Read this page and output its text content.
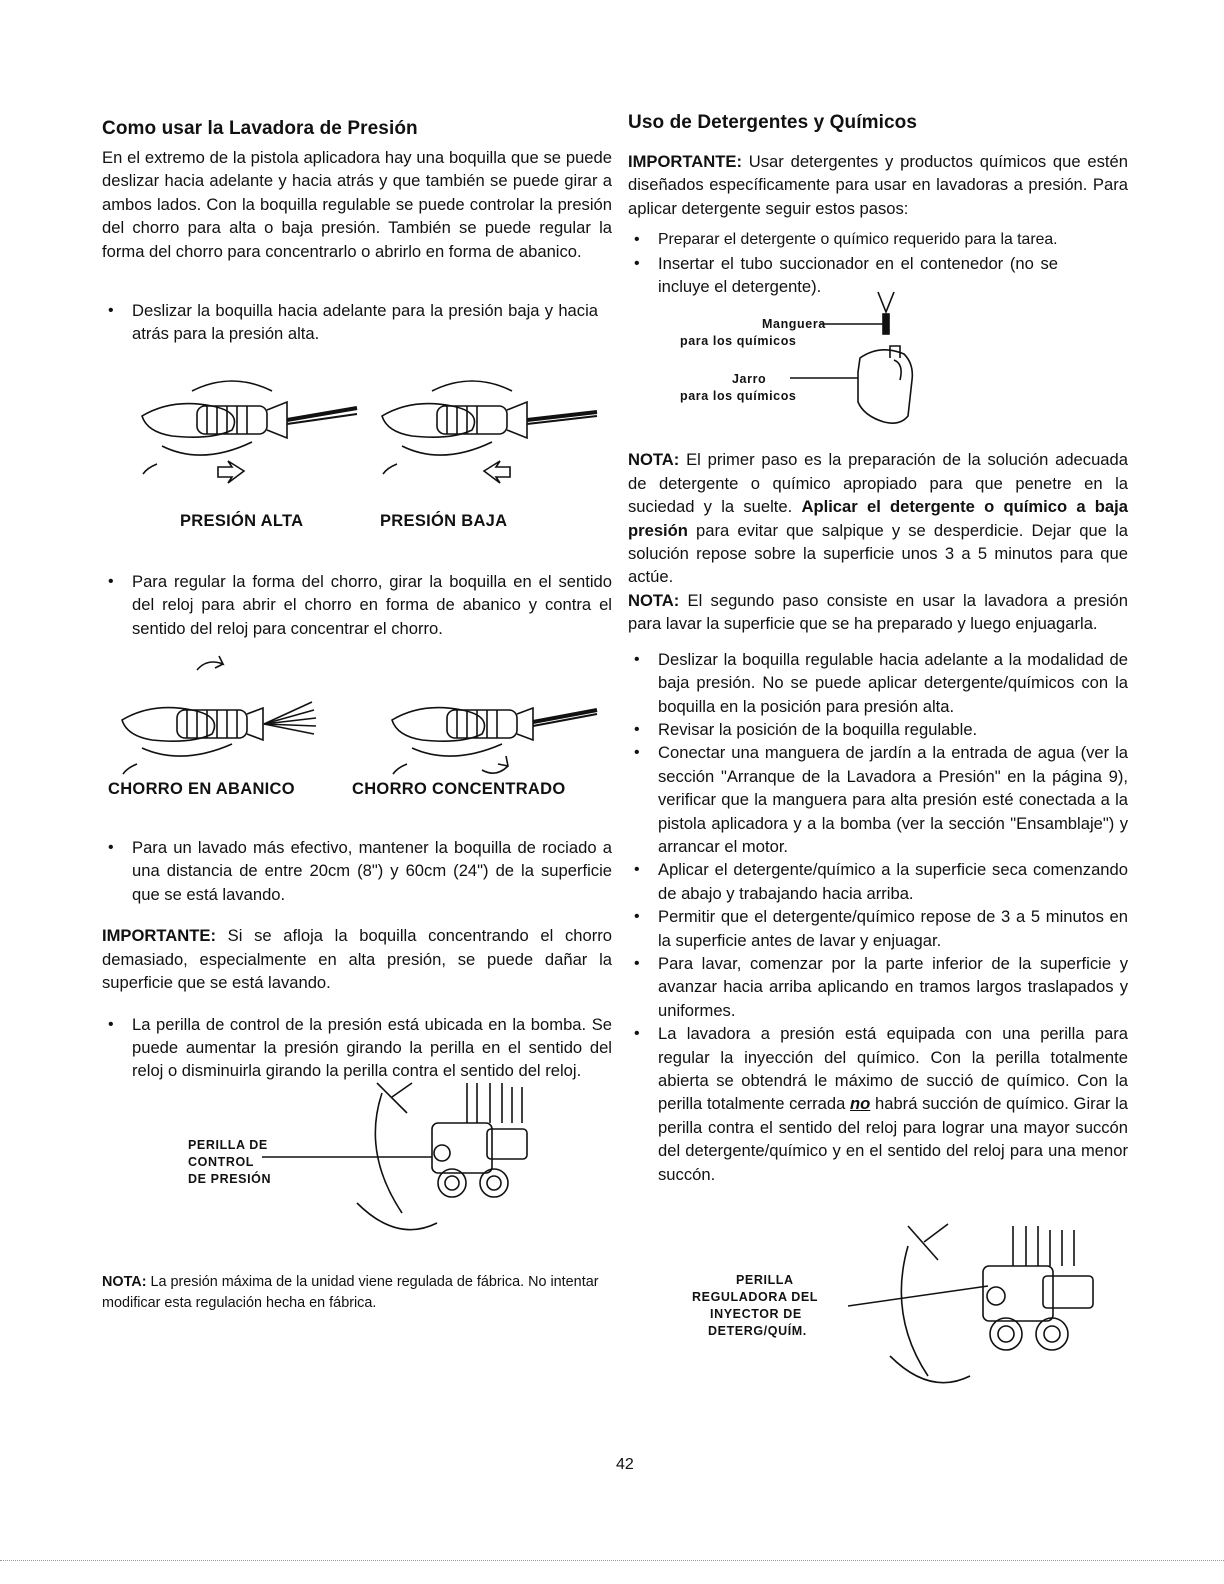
Como usar la Lavadora de Presión

En el extremo de la pistola aplicadora hay una boquilla que se puede deslizar hacia adelante y hacia atrás y que también se puede girar a ambos lados. Con la boquilla regulable se puede controlar la presión del chorro para alta o baja presión. También se puede regular la forma del chorro para concentrarlo o abrirlo en forma de abanico.

• Deslizar la boquilla hacia adelante para la presión baja y hacia atrás para la presión alta.
PRESIÓN ALTA	PRESIÓN BAJA
• Para regular la forma del chorro, girar la boquilla en el sentido del reloj para abrir el chorro en forma de abanico y contra el sentido del reloj para concentrar el chorro.
CHORRO EN ABANICO	CHORRO CONCENTRADO
• Para un lavado más efectivo, mantener la boquilla de rociado a una distancia de entre 20cm (8") y 60cm (24") de la superficie que se está lavando.

IMPORTANTE: Si se afloja la boquilla concentrando el chorro demasiado, especialmente en alta presión, se puede dañar la superficie que se está lavando.

• La perilla de control de la presión está ubicada en la bomba. Se puede aumentar la presión girando la perilla en el sentido del reloj o disminuirla girando la perilla contra el sentido del reloj.
PERILLA DE
CONTROL
DE PRESIÓN

NOTA: La presión máxima de la unidad viene regulada de fábrica. No intentar modificar esta regulación hecha en fábrica.

Uso de Detergentes y Químicos

IMPORTANTE: Usar detergentes y productos químicos que estén diseñados específicamente para usar en lavadoras a presión. Para aplicar detergente seguir estos pasos:

• Preparar el detergente o químico requerido para la tarea.
• Insertar el tubo succionador en el contenedor (no se incluye el detergente).
Manguera
para los químicos
Jarro
para los químicos

NOTA: El primer paso es la preparación de la solución adecuada de detergente o químico apropiado para que penetre en la suciedad y la suelte. Aplicar el detergente o químico a baja presión para evitar que salpique y se desperdicie. Dejar que la solución repose sobre la superficie unos 3 a 5 minutos para que actúe.

NOTA: El segundo paso consiste en usar la lavadora a presión para lavar la superficie que se ha preparado y luego enjuagarla.

• Deslizar la boquilla regulable hacia adelante a la modalidad de baja presión. No se puede aplicar detergente/químicos con la boquilla en la posición para presión alta.
• Revisar la posición de la boquilla regulable.
• Conectar una manguera de jardín a la entrada de agua (ver la sección "Arranque de la Lavadora a Presión" en la página 9), verificar que la manguera para alta presión esté conectada a la pistola aplicadora y a la bomba (ver la sección "Ensamblaje") y arrancar el motor.
• Aplicar el detergente/químico a la superficie seca comenzando de abajo y trabajando hacia arriba.
• Permitir que el detergente/químico repose de 3 a 5 minutos en la superficie antes de lavar y enjuagar.
• Para lavar, comenzar por la parte inferior de la superficie y avanzar hacia arriba aplicando en tramos largos traslapados y uniformes.
• La lavadora a presión está equipada con una perilla para regular la inyección del químico. Con la perilla totalmente abierta se obtendrá le máximo de succió de químico. Con la perilla totalmente cerrada no habrá succión de químico. Girar la perilla contra el sentido del reloj para lograr una mayor succón del detergente/químico y en el sentido del reloj para una menor succón.
PERILLA
REGULADORA DEL
INYECTOR DE
DETERG/QUÍM.
42
